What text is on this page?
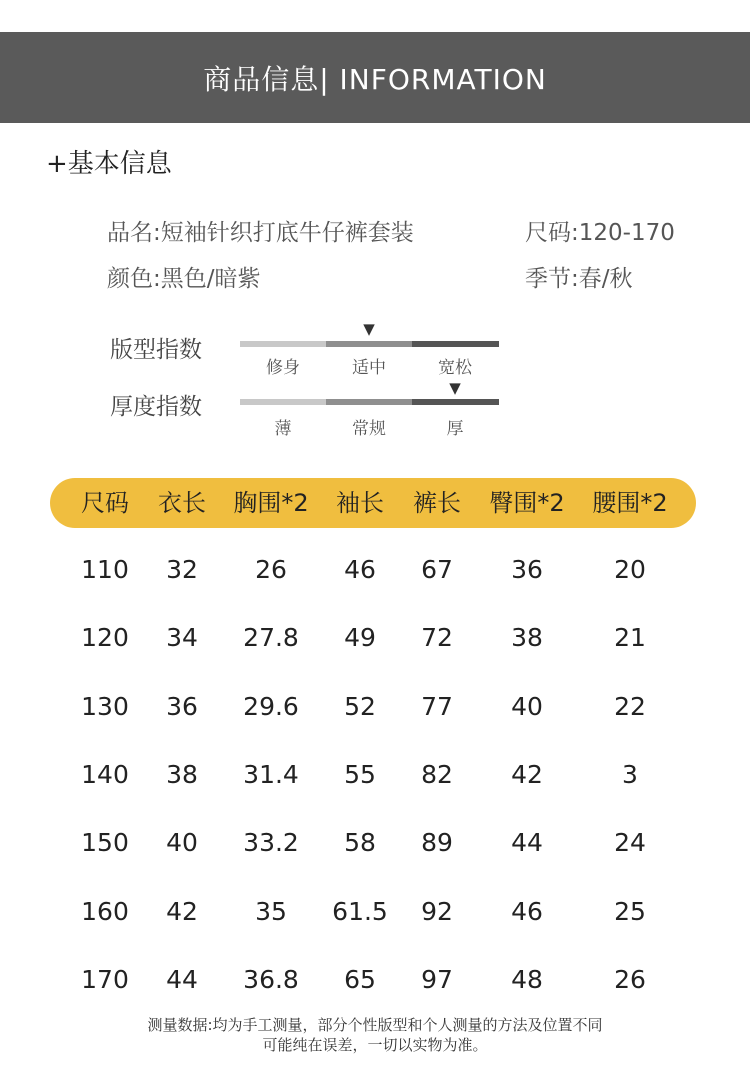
商品信息| INFORMATION
+基本信息
品名:短袖针织打底牛仔裤套装	尺码:120-170
颜色:黑色/暗紫	季节:春/秋
版型指数
▼
修身	适中	宽松
厚度指数
▼
薄	常规	厚
尺码 衣长 胸围*2 袖长 裤长 臀围*2 腰围*2
110 32 26 46 67 36	20
120 34 27.8 49 72 38	21
130 36 29.6 52 77 40	22
140 38 31.4 55 82 42	3
150 40 33.2 58 89 44	24
160 42 35 61.5 92 46	25
170 44 36.8 65 97 48	26
测量数据:均为手工测量，部分个性版型和个人测量的方法及位置不同
可能纯在误差，一切以实物为准。
